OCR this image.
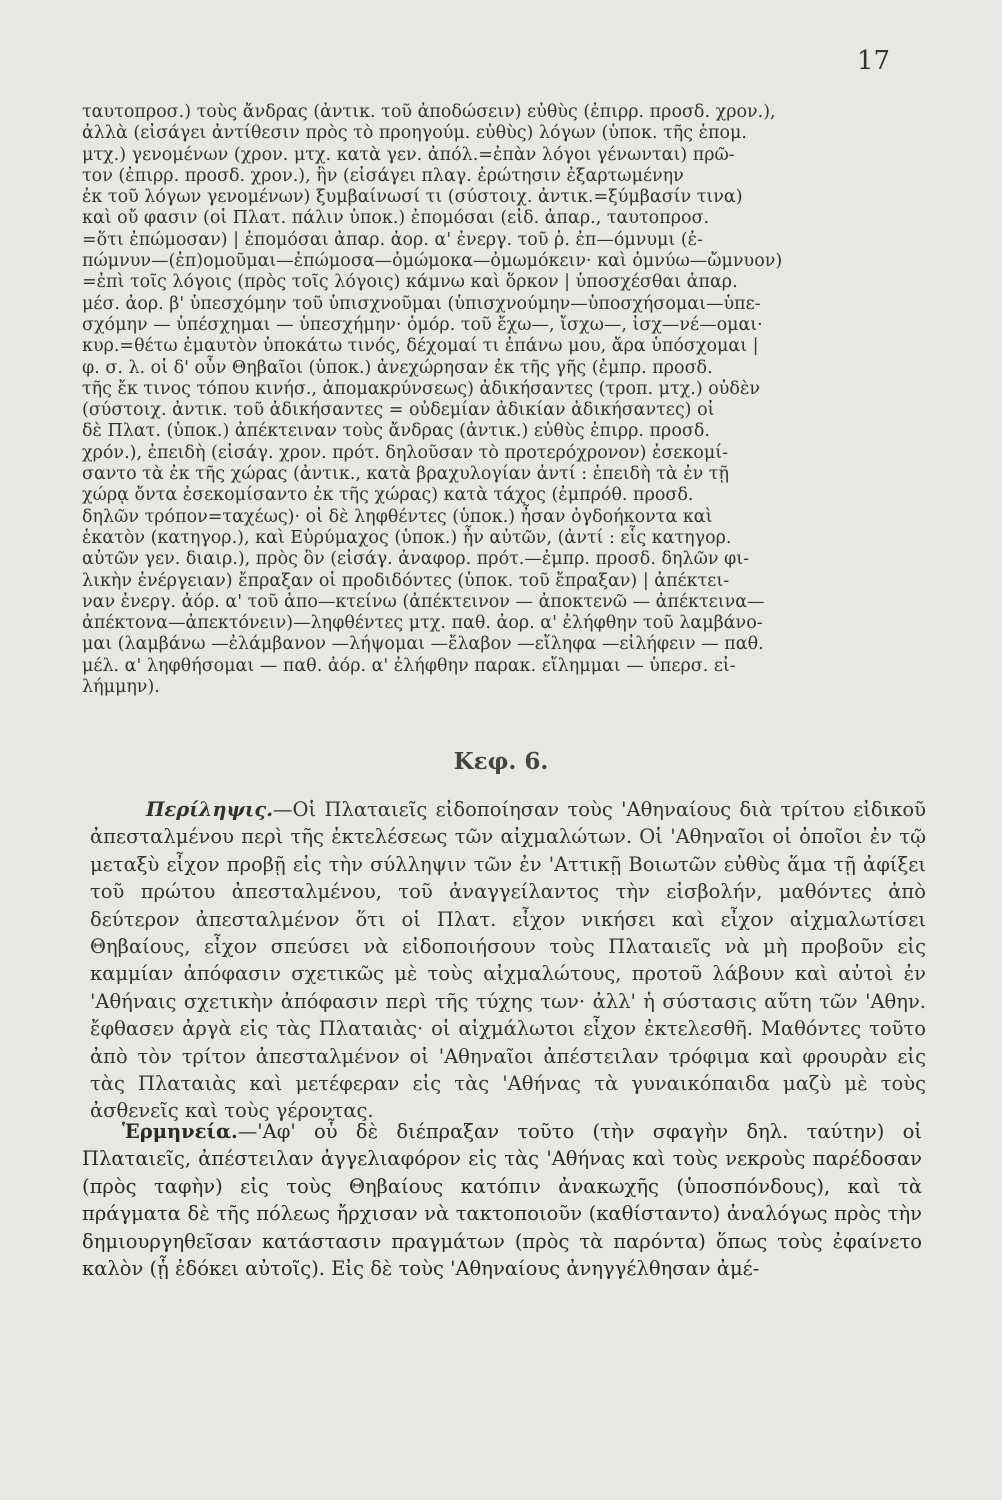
17

ταυτοπροσ.) τοὺς ἄνδρας (ἀντικ. τοῦ ἀποδώσειν) εὐθὺς (ἐπιρρ. προσδ. χρον.),

ἀλλὰ (εἰσάγει ἀντίθεσιν πρὸς τὸ προηγούμ. εὐθὺς) λόγων (ὑποκ. τῆς ἑπομ.

μτχ.) γενομένων (χρον. μτχ. κατὰ γεν. ἀπόλ.=ἐπὰν λόγοι γένωνται) πρῶ-

τον (ἐπιρρ. προσδ. χρον.), ἣν (εἰσάγει πλαγ. ἐρώτησιν ἐξαρτωμένην

ἐκ τοῦ λόγων γενομένων) ξυμβαίνωσί τι (σύστοιχ. ἀντικ.=ξύμβασίν τινα)

καὶ οὔ φασιν (οἱ Πλατ. πάλιν ὑποκ.) ἐπομόσαι (εἰδ. ἀπαρ., ταυτοπροσ.

=ὅτι ἐπώμοσαν) | ἐπομόσαι ἀπαρ. ἀορ. α' ἐνεργ. τοῦ ῥ. ἐπ—όμνυμι (ἐ-

πώμνυν—(ἐπ)ομοῦμαι—ἐπώμοσα—ὀμώμοκα—ὀμωμόκειν· καὶ ὀμνύω—ὤμνυον)

=ἐπὶ τοῖς λόγοις (πρὸς τοῖς λόγοις) κάμνω καὶ ὅρκον | ὑποσχέσθαι ἀπαρ.

μέσ. ἀορ. β' ὑπεσχόμην τοῦ ὑπισχνοῦμαι (ὑπισχνούμην—ὑποσχήσομαι—ὑπε-

σχόμην — ὑπέσχημαι — ὑπεσχήμην· ὁμόρ. τοῦ ἔχω—, ἴσχω—, ἰσχ—νέ—ομαι·

κυρ.=θέτω ἐμαυτὸν ὑποκάτω τινός, δέχομαί τι ἐπάνω μου, ἄρα ὑπόσχομαι |

φ. σ. λ. οἱ δ' οὖν Θηβαῖοι (ὑποκ.) ἀνεχώρησαν ἐκ τῆς γῆς (ἐμπρ. προσδ.

τῆς ἔκ τινος τόπου κινήσ., ἀπομακρύνσεως) ἀδικήσαντες (τροπ. μτχ.) οὐδὲν

(σύστοιχ. ἀντικ. τοῦ ἀδικήσαντες = οὐδεμίαν ἀδικίαν ἀδικήσαντες) οἱ

δὲ Πλατ. (ὑποκ.) ἀπέκτειναν τοὺς ἄνδρας (ἀντικ.) εὐθὺς ἐπιρρ. προσδ.

χρόν.), ἐπειδὴ (εἰσάγ. χρον. πρότ. δηλοῦσαν τὸ προτερόχρονον) ἐσεκομί-

σαντο τὰ ἐκ τῆς χώρας (ἀντικ., κατὰ βραχυλογίαν ἀντί : ἐπειδὴ τὰ ἐν τῇ

χώρᾳ ὄντα ἐσεκομίσαντο ἐκ τῆς χώρας) κατὰ τάχος (ἐμπρόθ. προσδ.

δηλῶν τρόπον=ταχέως)· οἱ δὲ ληφθέντες (ὑποκ.) ἦσαν ὀγδοήκοντα καὶ

ἑκατὸν (κατηγορ.), καὶ Εὐρύμαχος (ὑποκ.) ἦν αὐτῶν, (ἀντί : εἷς κατηγορ.

αὐτῶν γεν. διαιρ.), πρὸς ὃν (εἰσάγ. ἀναφορ. πρότ.—ἐμπρ. προσδ. δηλῶν φι-

λικὴν ἐνέργειαν) ἔπραξαν οἱ προδιδόντες (ὑποκ. τοῦ ἔπραξαν) | ἀπέκτει-

ναν ἐνεργ. ἀόρ. α' τοῦ ἀπο—κτείνω (ἀπέκτεινον — ἀποκτενῶ — ἀπέκτεινα—

ἀπέκτονα—ἀπεκτόνειν)—ληφθέντες μτχ. παθ. ἀορ. α' ἐλήφθην τοῦ λαμβάνο-

μαι (λαμβάνω —ἐλάμβανον —λήψομαι —ἔλαβον —εἴληφα —εἰλήφειν — παθ.

μέλ. α' ληφθήσομαι — παθ. ἀόρ. α' ἐλήφθην παρακ. εἴλημμαι — ὑπερσ. εἰ-

λήμμην).

Κεφ. 6.

Περίληψις.—Οἱ Πλαταιεῖς εἰδοποίησαν τοὺς 'Αθηναίους διὰ τρίτου εἰδικοῦ ἀπεσταλμένου περὶ τῆς ἐκτελέσεως τῶν αἰχμαλώτων. Οἱ 'Αθηναῖοι οἱ ὁποῖοι ἐν τῷ μεταξὺ εἶχον προβῇ εἰς τὴν σύλληψιν τῶν ἐν 'Αττικῇ Βοιωτῶν εὐθὺς ἅμα τῇ ἀφίξει τοῦ πρώτου ἀπεσταλμένου, τοῦ ἀναγγείλαντος τὴν εἰσβολήν, μαθόντες ἀπὸ δεύτερον ἀπεσταλμένον ὅτι οἱ Πλατ. εἶχον νικήσει καὶ εἶχον αἰχμαλωτίσει Θηβαίους, εἶχον σπεύσει νὰ εἰδοποιήσουν τοὺς Πλαταιεῖς νὰ μὴ προβοῦν εἰς καμμίαν ἀπόφασιν σχετικῶς μὲ τοὺς αἰχμαλώτους, προτοῦ λάβουν καὶ αὐτοὶ ἐν 'Αθήναις σχετικὴν ἀπόφασιν περὶ τῆς τύχης των· ἀλλ' ἡ σύστασις αὕτη τῶν 'Αθην. ἔφθασεν ἀργὰ εἰς τὰς Πλαταιὰς· οἱ αἰχμάλωτοι εἶχον ἐκτελεσθῆ. Μαθόντες τοῦτο ἀπὸ τὸν τρίτον ἀπεσταλμένον οἱ 'Αθηναῖοι ἀπέστειλαν τρόφιμα καὶ φρουρὰν εἰς τὰς Πλαταιὰς καὶ μετέφεραν εἰς τὰς 'Αθήνας τὰ γυναικόπαιδα μαζὺ μὲ τοὺς ἀσθενεῖς καὶ τοὺς γέροντας.

Ἑρμηνεία.—'Αφ' οὗ δὲ διέπραξαν τοῦτο (τὴν σφαγὴν δηλ. ταύτην) οἱ Πλαταιεῖς, ἀπέστειλαν ἀγγελιαφόρον εἰς τὰς 'Αθήνας καὶ τοὺς νεκροὺς παρέδοσαν (πρὸς ταφὴν) εἰς τοὺς Θηβαίους κατόπιν ἀνακωχῆς (ὑποσπόνδους), καὶ τὰ πράγματα δὲ τῆς πόλεως ἤρχισαν νὰ τακτοποιοῦν (καθίσταντο) ἀναλόγως πρὸς τὴν δημιουργηθεῖσαν κατάστασιν πραγμάτων (πρὸς τὰ παρόντα) ὅπως τοὺς ἐφαίνετο καλὸν (ᾗ ἐδόκει αὐτοῖς). Εἰς δὲ τοὺς 'Αθηναίους ἀνηγγέλθησαν ἀμέ-
